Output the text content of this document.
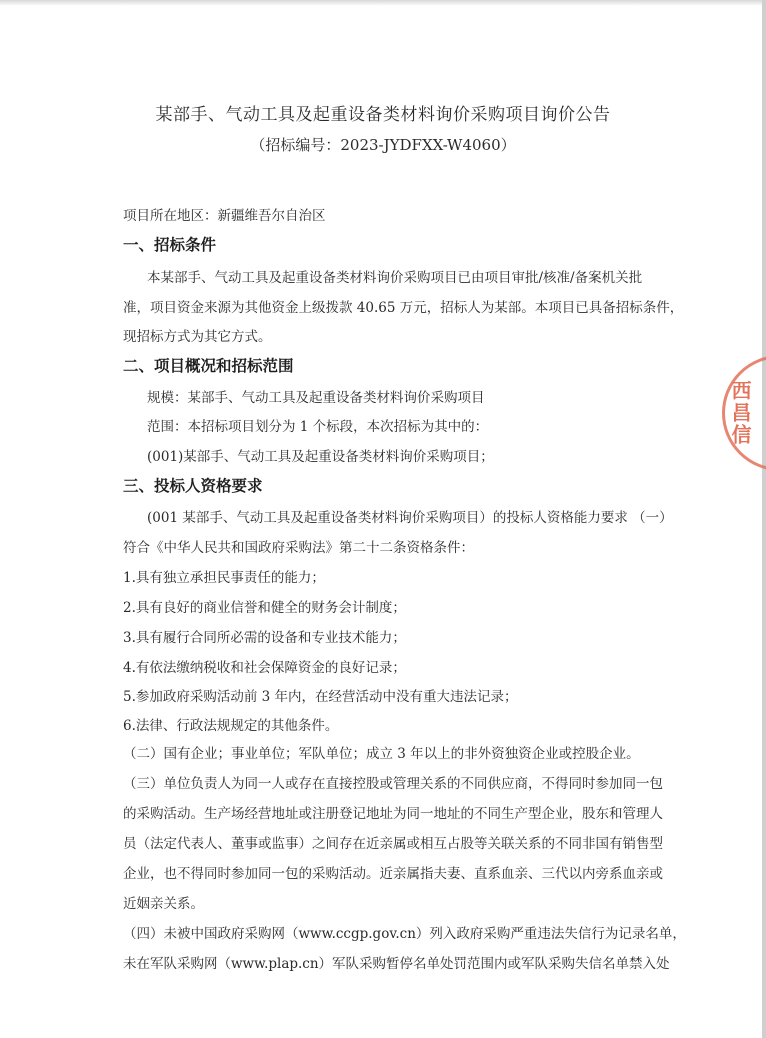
某部手、气动工具及起重设备类材料询价采购项目询价公告
（招标编号：2023-JYDFXX-W4060）
项目所在地区：新疆维吾尔自治区
一、招标条件
本某部手、气动工具及起重设备类材料询价采购项目已由项目审批/核准/备案机关批
准，项目资金来源为其他资金上级拨款 40.65 万元，招标人为某部。本项目已具备招标条件，
现招标方式为其它方式。
二、项目概况和招标范围
规模：某部手、气动工具及起重设备类材料询价采购项目
范围：本招标项目划分为 1 个标段，本次招标为其中的：
(001)某部手、气动工具及起重设备类材料询价采购项目；
三、投标人资格要求
(001 某部手、气动工具及起重设备类材料询价采购项目）的投标人资格能力要求 （一）
符合《中华人民共和国政府采购法》第二十二条资格条件：
1.具有独立承担民事责任的能力；
2.具有良好的商业信誉和健全的财务会计制度；
3.具有履行合同所必需的设备和专业技术能力；
4.有依法缴纳税收和社会保障资金的良好记录；
5.参加政府采购活动前 3 年内，在经营活动中没有重大违法记录；
6.法律、行政法规规定的其他条件。
（二）国有企业；事业单位；军队单位；成立 3 年以上的非外资独资企业或控股企业。
（三）单位负责人为同一人或存在直接控股或管理关系的不同供应商，不得同时参加同一包
的采购活动。生产场经营地址或注册登记地址为同一地址的不同生产型企业，股东和管理人
员（法定代表人、董事或监事）之间存在近亲属或相互占股等关联关系的不同非国有销售型
企业，也不得同时参加同一包的采购活动。近亲属指夫妻、直系血亲、三代以内旁系血亲或
近姻亲关系。
（四）未被中国政府采购网（www.ccgp.gov.cn）列入政府采购严重违法失信行为记录名单，
未在军队采购网（www.plap.cn）军队采购暂停名单处罚范围内或军队采购失信名单禁入处
西昌信
